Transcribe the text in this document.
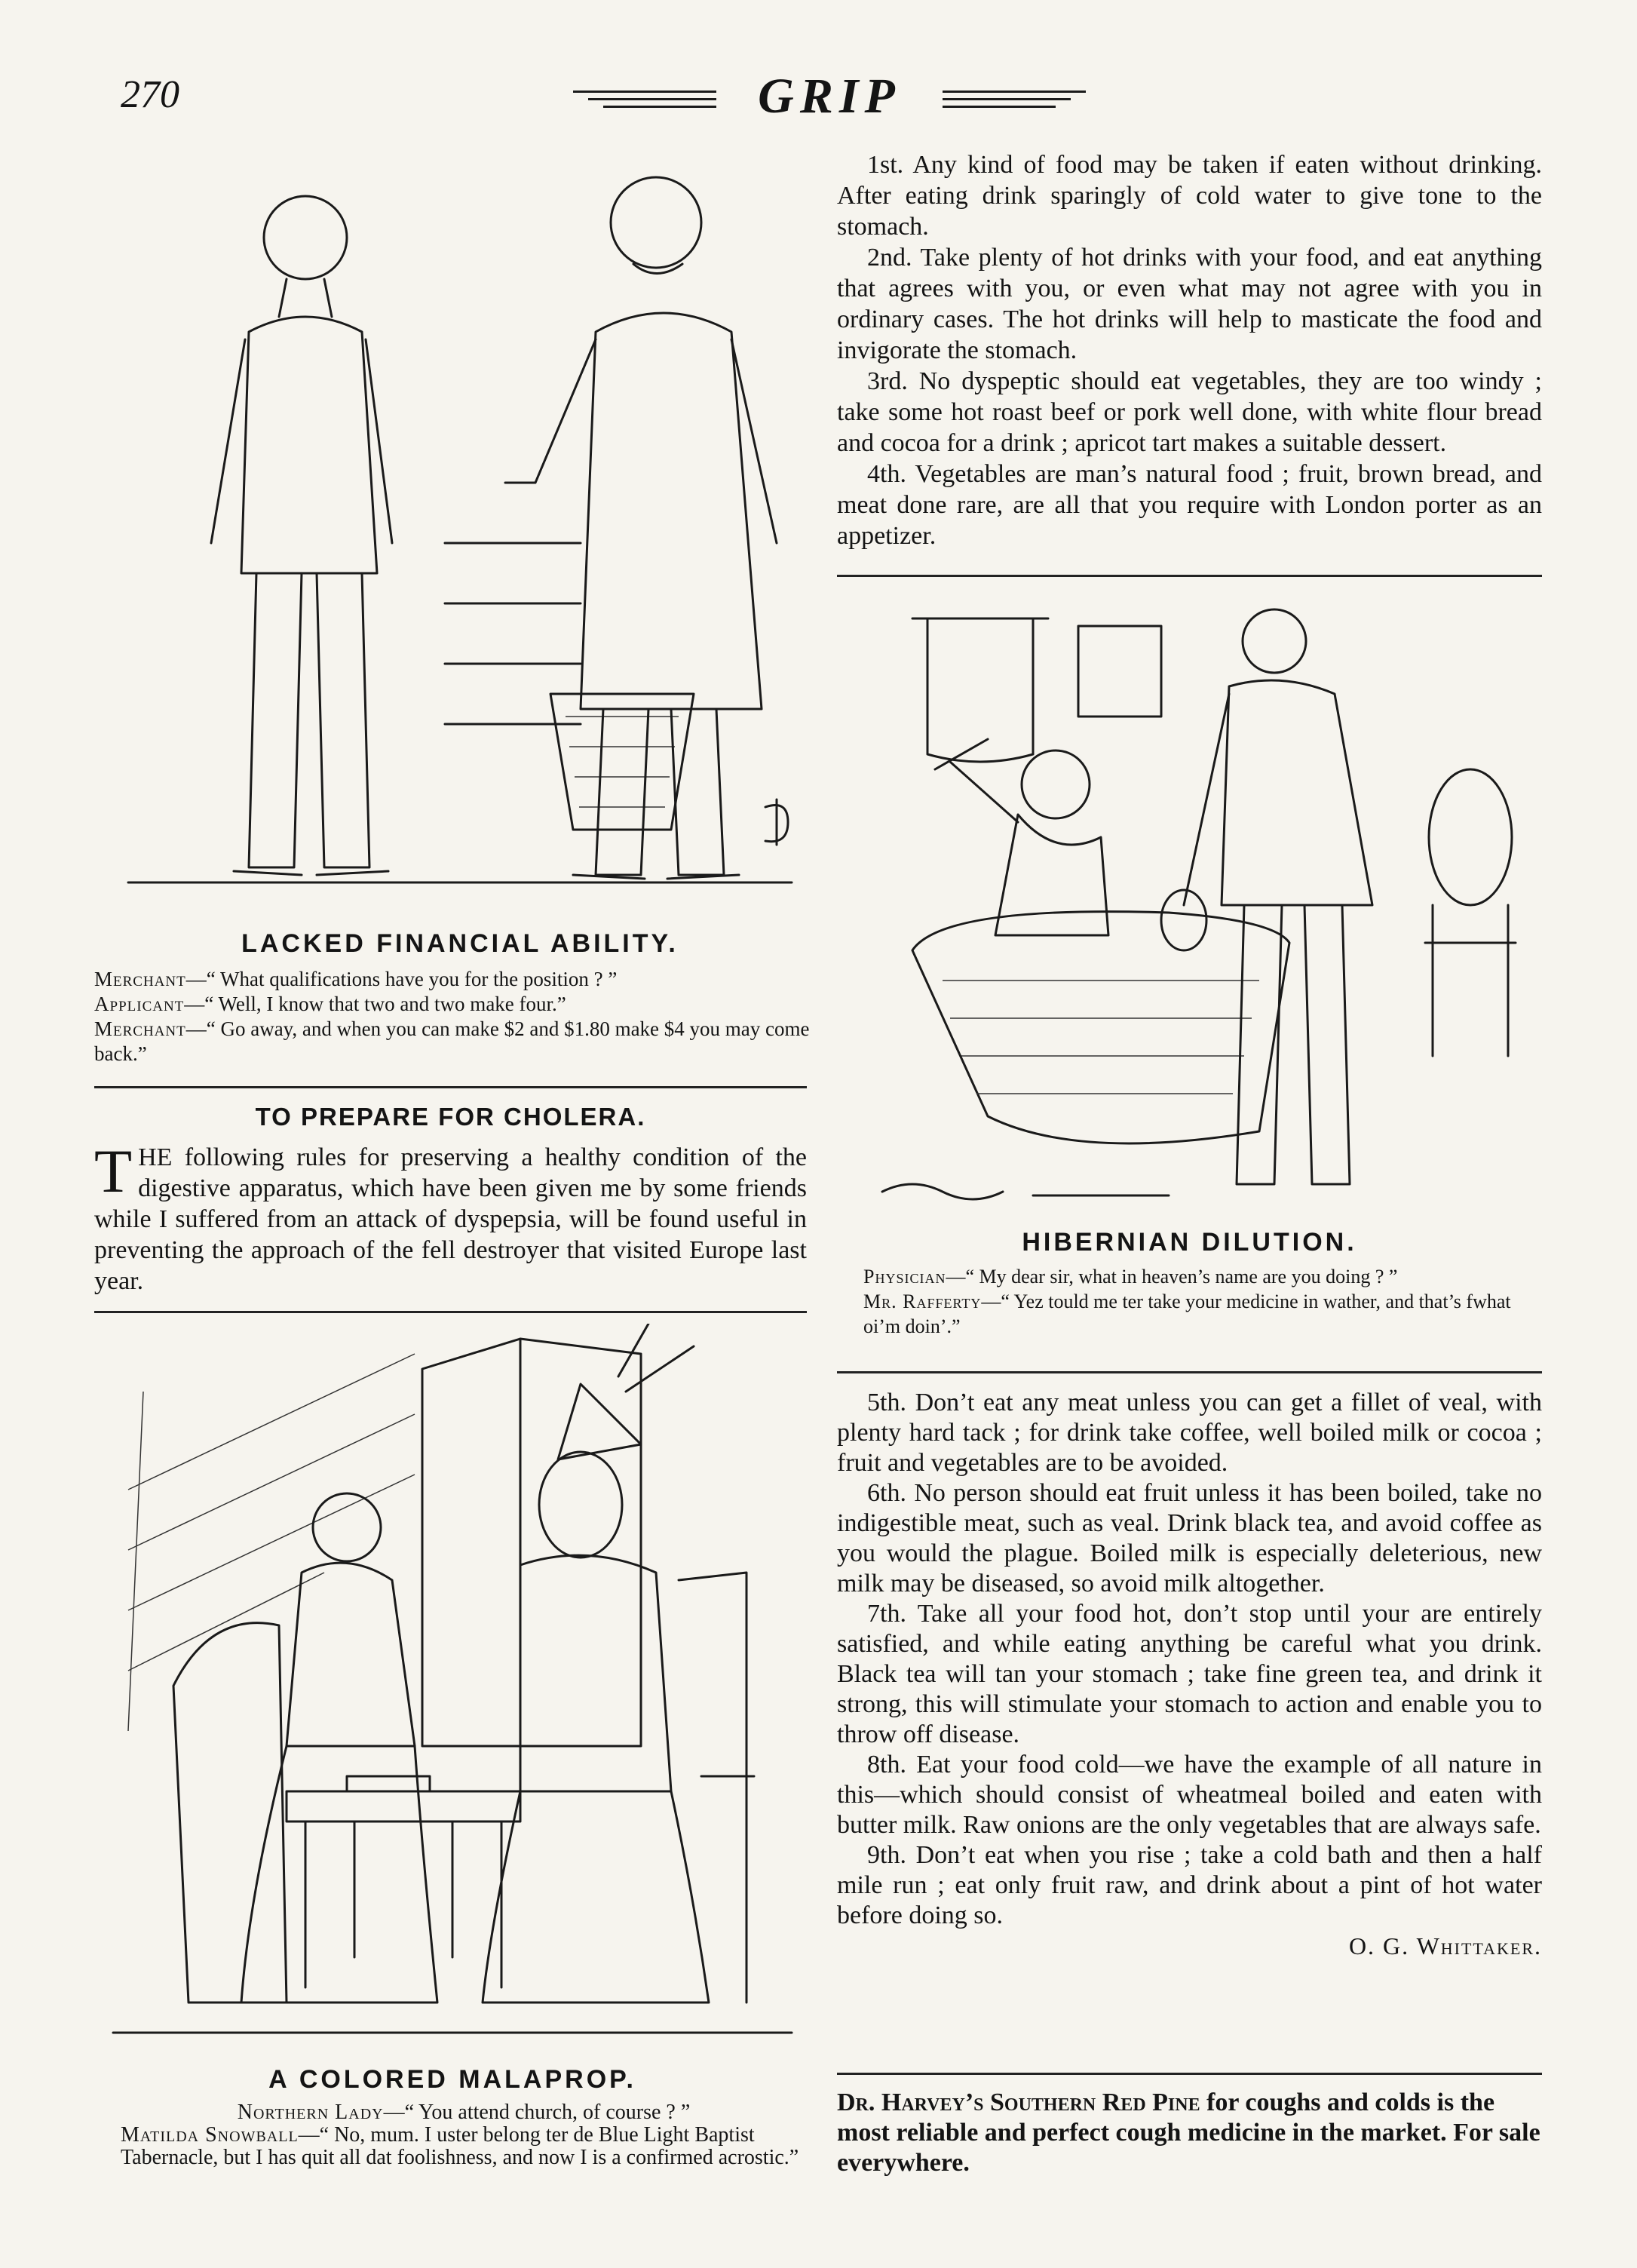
270	GRIP
LACKED FINANCIAL ABILITY.
Merchant—“ What qualifications have you for the position ? ”
Applicant—“ Well, I know that two and two make four.”
Merchant—“ Go away, and when you can make $2 and $1.80 make $4 you may come back.”
TO PREPARE FOR CHOLERA.
THE following rules for preserving a healthy condition of the digestive apparatus, which have been given me by some friends while I suffered from an attack of dyspepsia, will be found useful in preventing the approach of the fell destroyer that visited Europe last year.
A COLORED MALAPROP.
Northern Lady—“ You attend church, of course ? ”
Matilda Snowball—“ No, mum. I uster belong ter de Blue Light Baptist Tabernacle, but I has quit all dat foolishness, and now I is a confirmed acrostic.”

1st. Any kind of food may be taken if eaten without drinking. After eating drink sparingly of cold water to give tone to the stomach.

2nd. Take plenty of hot drinks with your food, and eat anything that agrees with you, or even what may not agree with you in ordinary cases. The hot drinks will help to masticate the food and invigorate the stomach.

3rd. No dyspeptic should eat vegetables, they are too windy ; take some hot roast beef or pork well done, with white flour bread and cocoa for a drink ; apricot tart makes a suitable dessert.

4th. Vegetables are man’s natural food ; fruit, brown bread, and meat done rare, are all that you require with London porter as an appetizer.

HIBERNIAN DILUTION.
Physician—“ My dear sir, what in heaven’s name are you doing ? ”
Mr. Rafferty—“ Yez tould me ter take your medicine in wather, and that’s fwhat oi’m doin’.”

5th. Don’t eat any meat unless you can get a fillet of veal, with plenty hard tack ; for drink take coffee, well boiled milk or cocoa ; fruit and vegetables are to be avoided.

6th. No person should eat fruit unless it has been boiled, take no indigestible meat, such as veal. Drink black tea, and avoid coffee as you would the plague. Boiled milk is especially deleterious, new milk may be diseased, so avoid milk altogether.

7th. Take all your food hot, don’t stop until your are entirely satisfied, and while eating anything be careful what you drink. Black tea will tan your stomach ; take fine green tea, and drink it strong, this will stimulate your stomach to action and enable you to throw off disease.

8th. Eat your food cold—we have the example of all nature in this—which should consist of wheatmeal boiled and eaten with butter milk. Raw onions are the only vegetables that are always safe.

9th. Don’t eat when you rise ; take a cold bath and then a half mile run ; eat only fruit raw, and drink about a pint of hot water before doing so.

O. G. Whittaker.
Dr. Harvey’s Southern Red Pine for coughs and colds is the most reliable and perfect cough medicine in the market. For sale everywhere.
